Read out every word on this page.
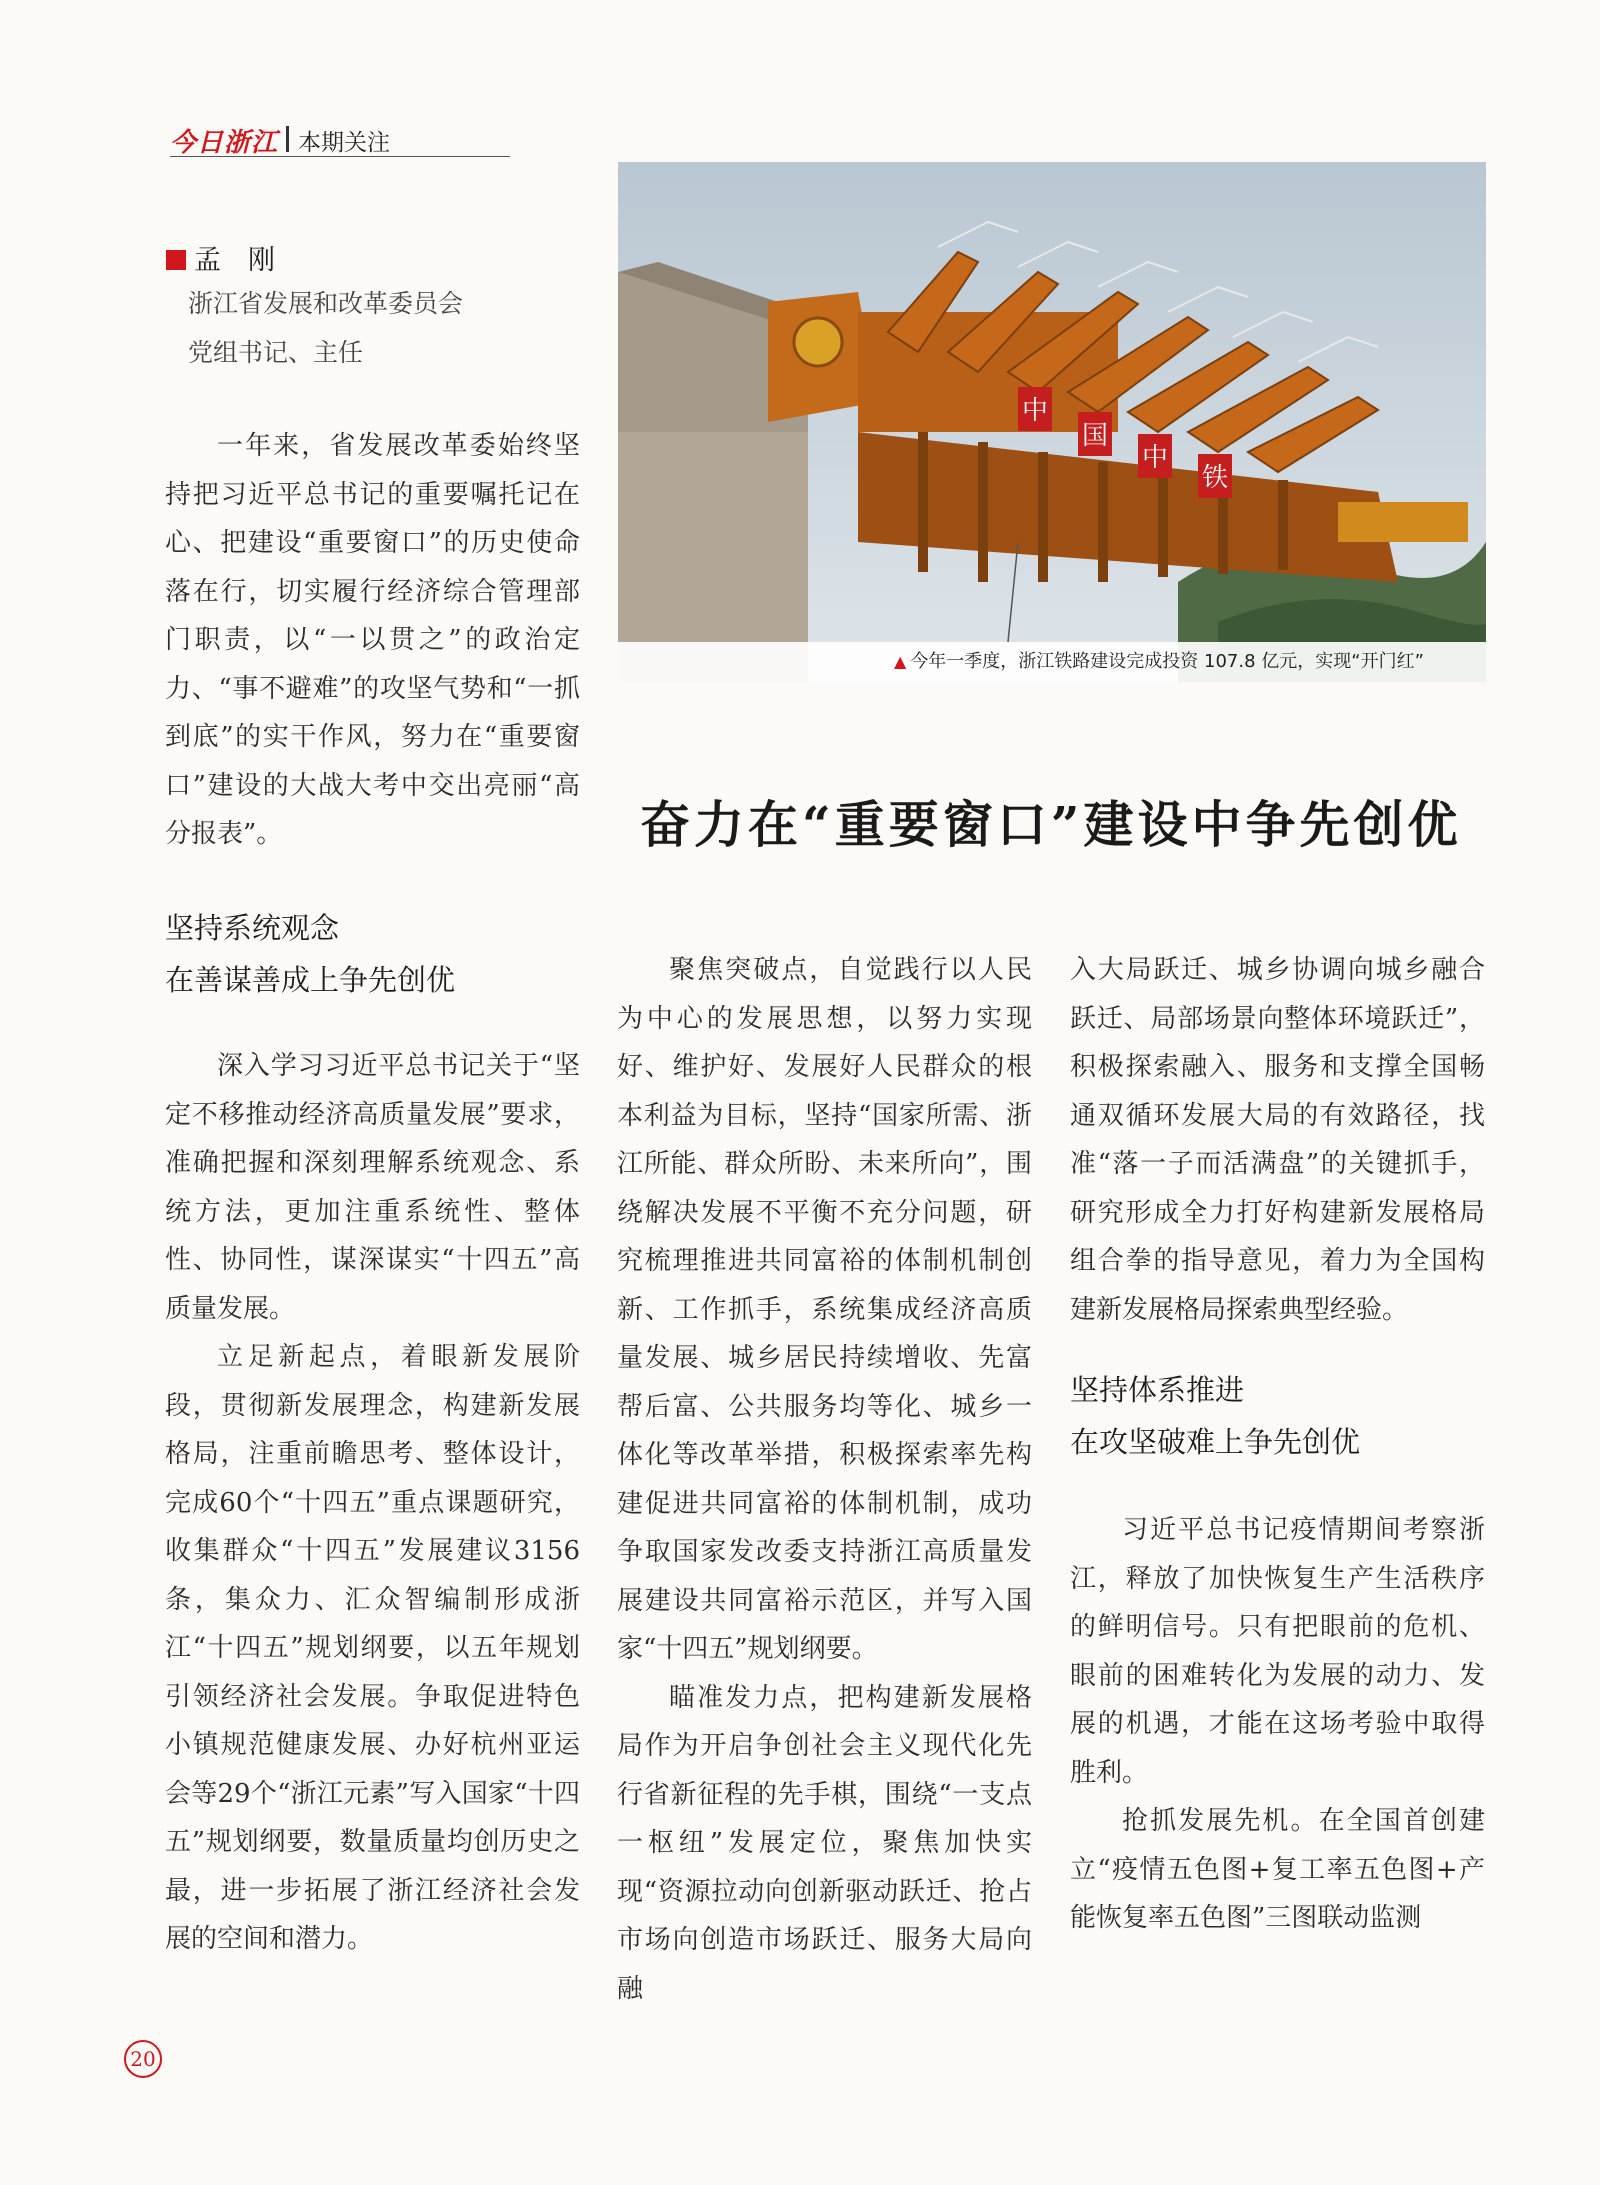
今日浙江 本期关注
孟　刚
浙江省发展和改革委员会
党组书记、主任
中
国
中
铁
▲ 今年一季度，浙江铁路建设完成投资 107.8 亿元，实现“开门红”
奋力在“重要窗口”建设中争先创优

一年来，省发展改革委始终坚持把习近平总书记的重要嘱托记在心、把建设“重要窗口”的历史使命落在行，切实履行经济综合管理部门职责，以“一以贯之”的政治定力、“事不避难”的攻坚气势和“一抓到底”的实干作风，努力在“重要窗口”建设的大战大考中交出亮丽“高分报表”。

坚持系统观念
在善谋善成上争先创优

深入学习习近平总书记关于“坚定不移推动经济高质量发展”要求，准确把握和深刻理解系统观念、系统方法，更加注重系统性、整体性、协同性，谋深谋实“十四五”高质量发展。

立足新起点，着眼新发展阶段，贯彻新发展理念，构建新发展格局，注重前瞻思考、整体设计，完成60个“十四五”重点课题研究，收集群众“十四五”发展建议3156条，集众力、汇众智编制形成浙江“十四五”规划纲要，以五年规划引领经济社会发展。争取促进特色小镇规范健康发展、办好杭州亚运会等29个“浙江元素”写入国家“十四五”规划纲要，数量质量均创历史之最，进一步拓展了浙江经济社会发展的空间和潜力。

聚焦突破点，自觉践行以人民为中心的发展思想，以努力实现好、维护好、发展好人民群众的根本利益为目标，坚持“国家所需、浙江所能、群众所盼、未来所向”，围绕解决发展不平衡不充分问题，研究梳理推进共同富裕的体制机制创新、工作抓手，系统集成经济高质量发展、城乡居民持续增收、先富帮后富、公共服务均等化、城乡一体化等改革举措，积极探索率先构建促进共同富裕的体制机制，成功争取国家发改委支持浙江高质量发展建设共同富裕示范区，并写入国家“十四五”规划纲要。

瞄准发力点，把构建新发展格局作为开启争创社会主义现代化先行省新征程的先手棋，围绕“一支点一枢纽”发展定位，聚焦加快实现“资源拉动向创新驱动跃迁、抢占市场向创造市场跃迁、服务大局向融

入大局跃迁、城乡协调向城乡融合跃迁、局部场景向整体环境跃迁”，积极探索融入、服务和支撑全国畅通双循环发展大局的有效路径，找准“落一子而活满盘”的关键抓手，研究形成全力打好构建新发展格局组合拳的指导意见，着力为全国构建新发展格局探索典型经验。

坚持体系推进
在攻坚破难上争先创优

习近平总书记疫情期间考察浙江，释放了加快恢复生产生活秩序的鲜明信号。只有把眼前的危机、眼前的困难转化为发展的动力、发展的机遇，才能在这场考验中取得胜利。

抢抓发展先机。在全国首创建立“疫情五色图+复工率五色图+产能恢复率五色图”三图联动监测

20
